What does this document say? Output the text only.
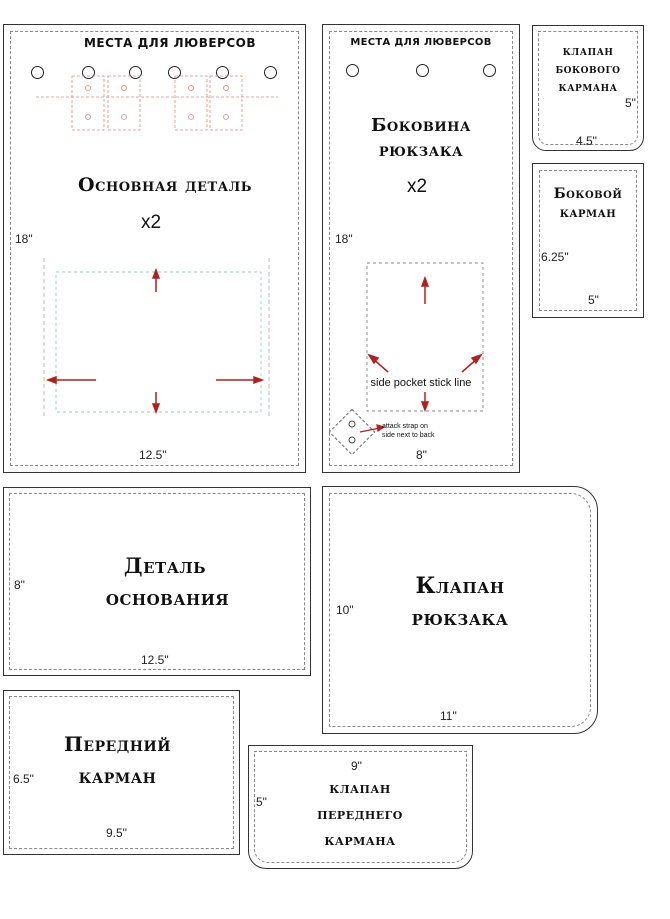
МЕСТА ДЛЯ ЛЮВЕРСОВ
Основная деталь
x2
18"
12.5"
МЕСТА ДЛЯ ЛЮВЕРСОВ
Боковина
рюкзака
x2
18"
side pocket stick line
attack strap on
side next to back
8"
клапан
бокового
кармана
5"
4.5"
Боковой
карман
6.25"
5"
Деталь
основания
8"
12.5"
Клапан
рюкзака
10"
11"
Передний
карман
6.5"
9.5"
9"
клапан
переднего
кармана
5"
